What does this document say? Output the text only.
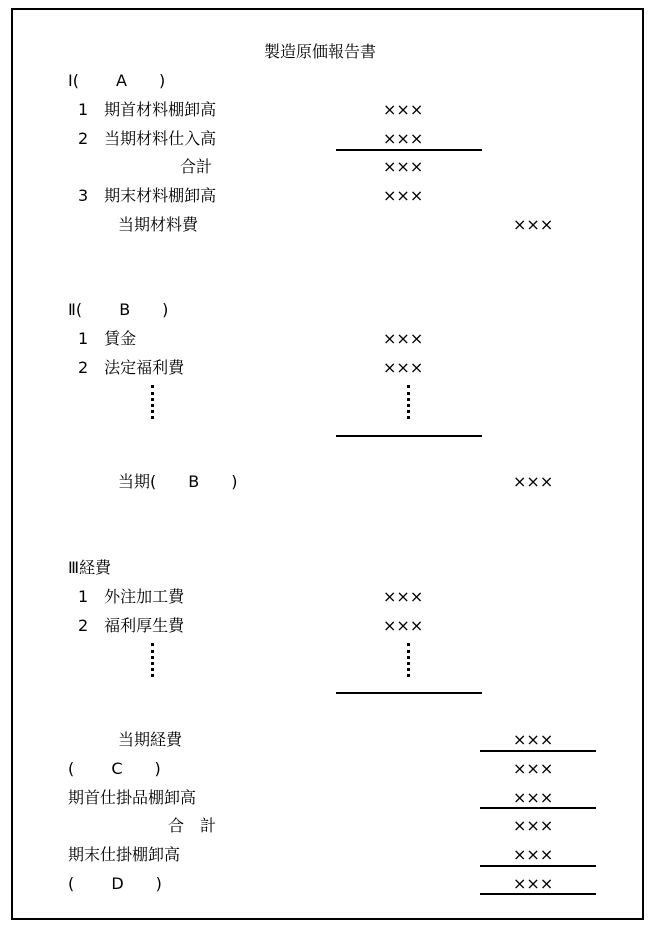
製造原価報告書
Ⅰ(　　 A　　)
1　期首材料棚卸高	×××
2　当期材料仕入高	×××
合計	×××
3　期末材料棚卸高	×××
当期材料費	×××
Ⅱ(　　 B　　)
1　賃金	×××
2　法定福利費	×××
当期(　　B　　)	×××
Ⅲ経費
1　外注加工費	×××
2　福利厚生費	×××
当期経費	×××
(　　 C　　)	×××
期首仕掛品棚卸高	×××
合　計	×××
期末仕掛棚卸高	×××
(　　 D　　)	×××
